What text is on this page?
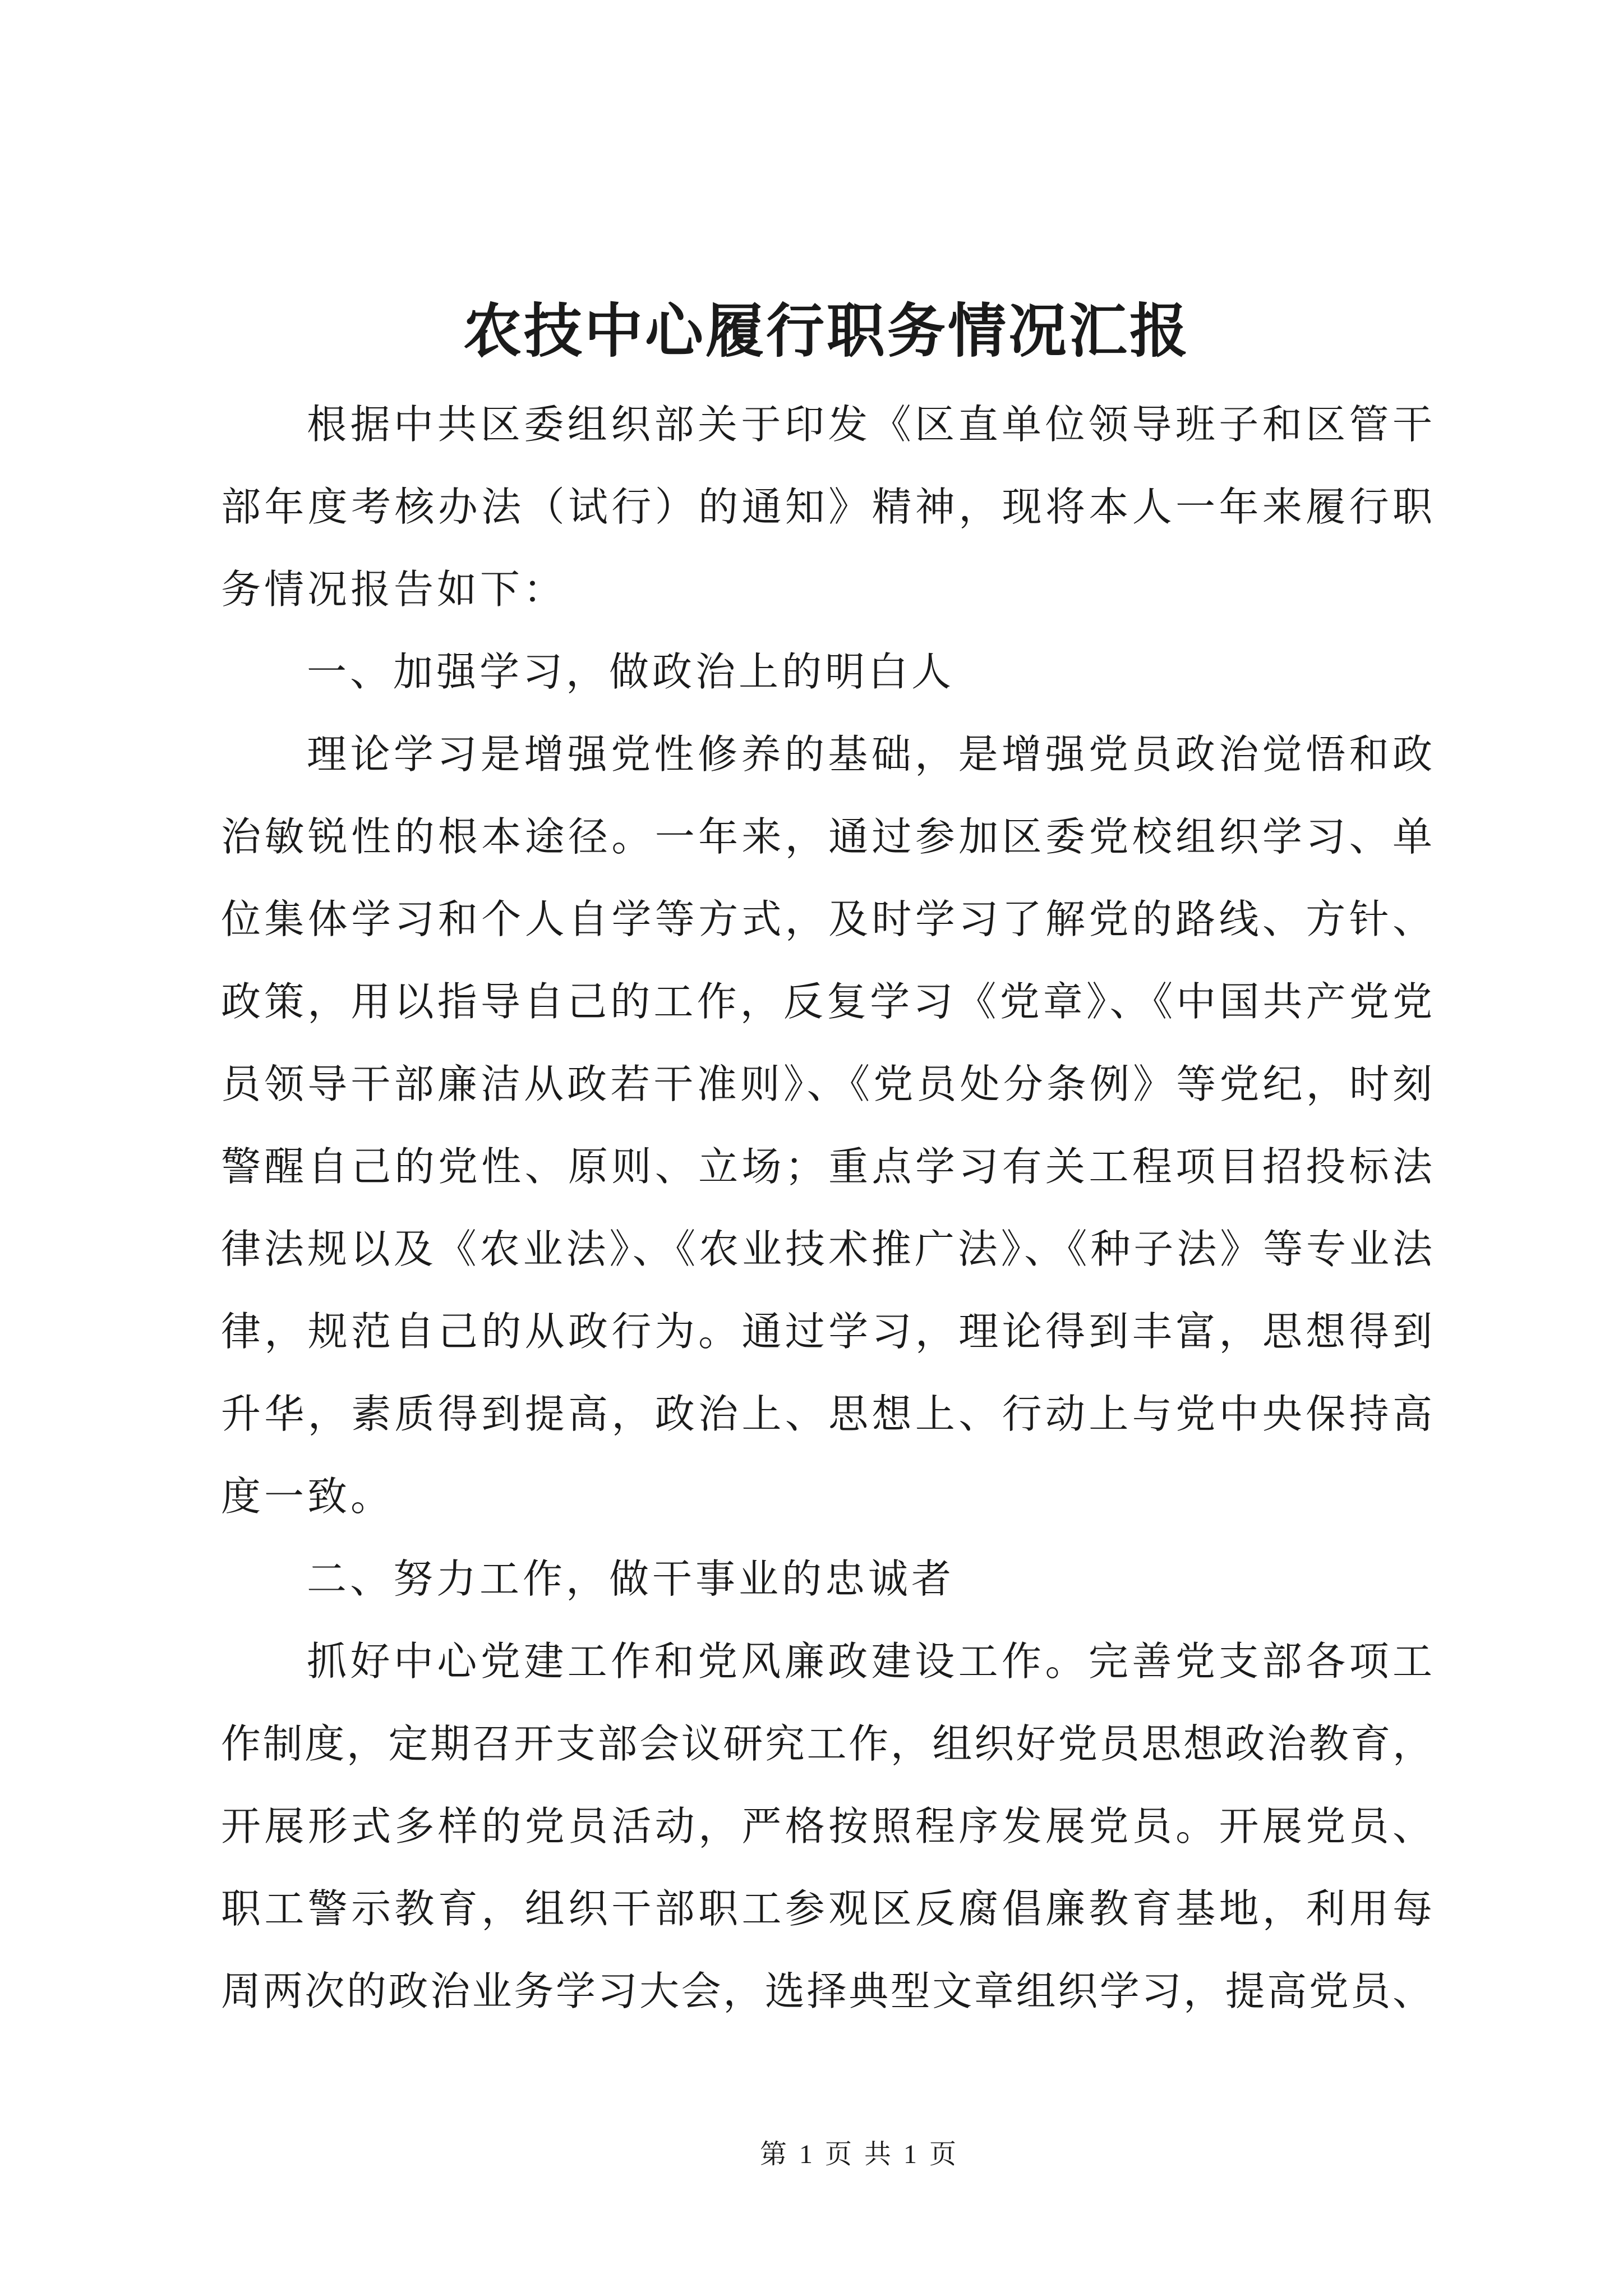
农技中心履行职务情况汇报
根据中共区委组织部关于印发《区直单位领导班子和区管干
部年度考核办法（试行）的通知》精神，现将本人一年来履行职
务情况报告如下：
一、加强学习，做政治上的明白人
理论学习是增强党性修养的基础，是增强党员政治觉悟和政
治敏锐性的根本途径。一年来，通过参加区委党校组织学习、单
位集体学习和个人自学等方式，及时学习了解党的路线、方针、
政策，用以指导自己的工作，反复学习《党章》、《中国共产党党
员领导干部廉洁从政若干准则》、《党员处分条例》等党纪，时刻
警醒自己的党性、原则、立场；重点学习有关工程项目招投标法
律法规以及《农业法》、《农业技术推广法》、《种子法》等专业法
律，规范自己的从政行为。通过学习，理论得到丰富，思想得到
升华，素质得到提高，政治上、思想上、行动上与党中央保持高
度一致。
二、努力工作，做干事业的忠诚者
抓好中心党建工作和党风廉政建设工作。完善党支部各项工
作制度，定期召开支部会议研究工作，组织好党员思想政治教育，
开展形式多样的党员活动，严格按照程序发展党员。开展党员、
职工警示教育，组织干部职工参观区反腐倡廉教育基地，利用每
周两次的政治业务学习大会，选择典型文章组织学习，提高党员、
第 1 页 共 1 页
